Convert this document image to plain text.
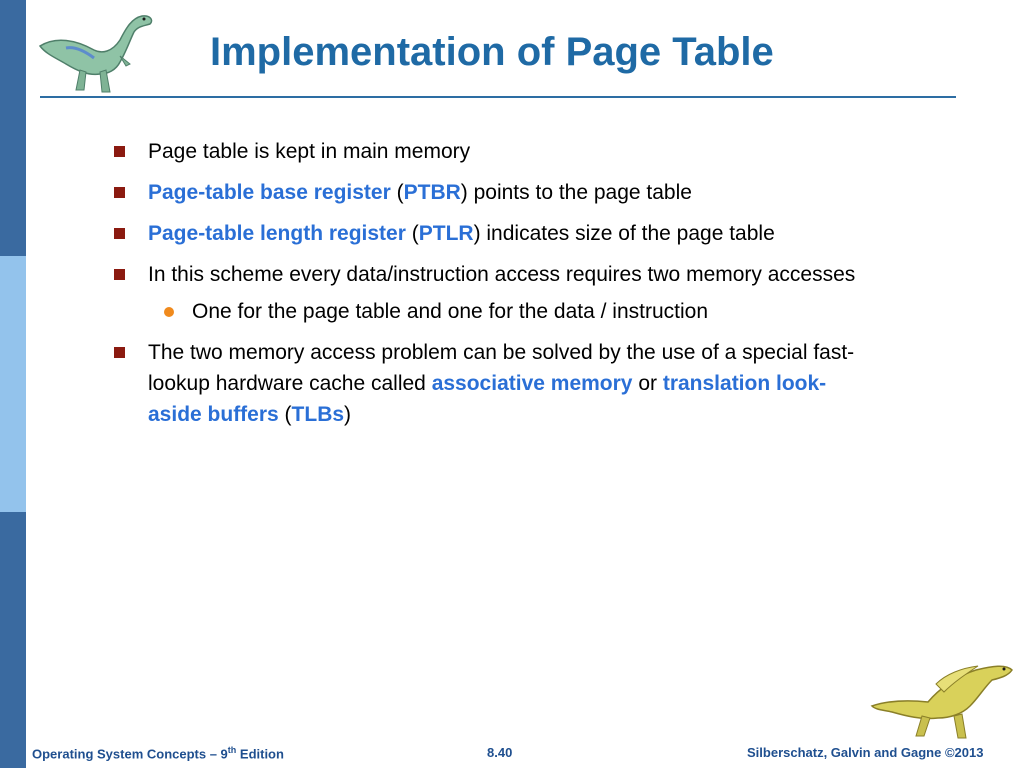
Implementation of Page Table
Page table is kept in main memory
Page-table base register (PTBR) points to the page table
Page-table length register (PTLR) indicates size of the page table
In this scheme every data/instruction access requires two memory accesses
One for the page table and one for the data / instruction
The two memory access problem can be solved by the use of a special fast-lookup hardware cache called associative memory or translation look-aside buffers (TLBs)
Operating System Concepts – 9th Edition	8.40	Silberschatz, Galvin and Gagne ©2013
